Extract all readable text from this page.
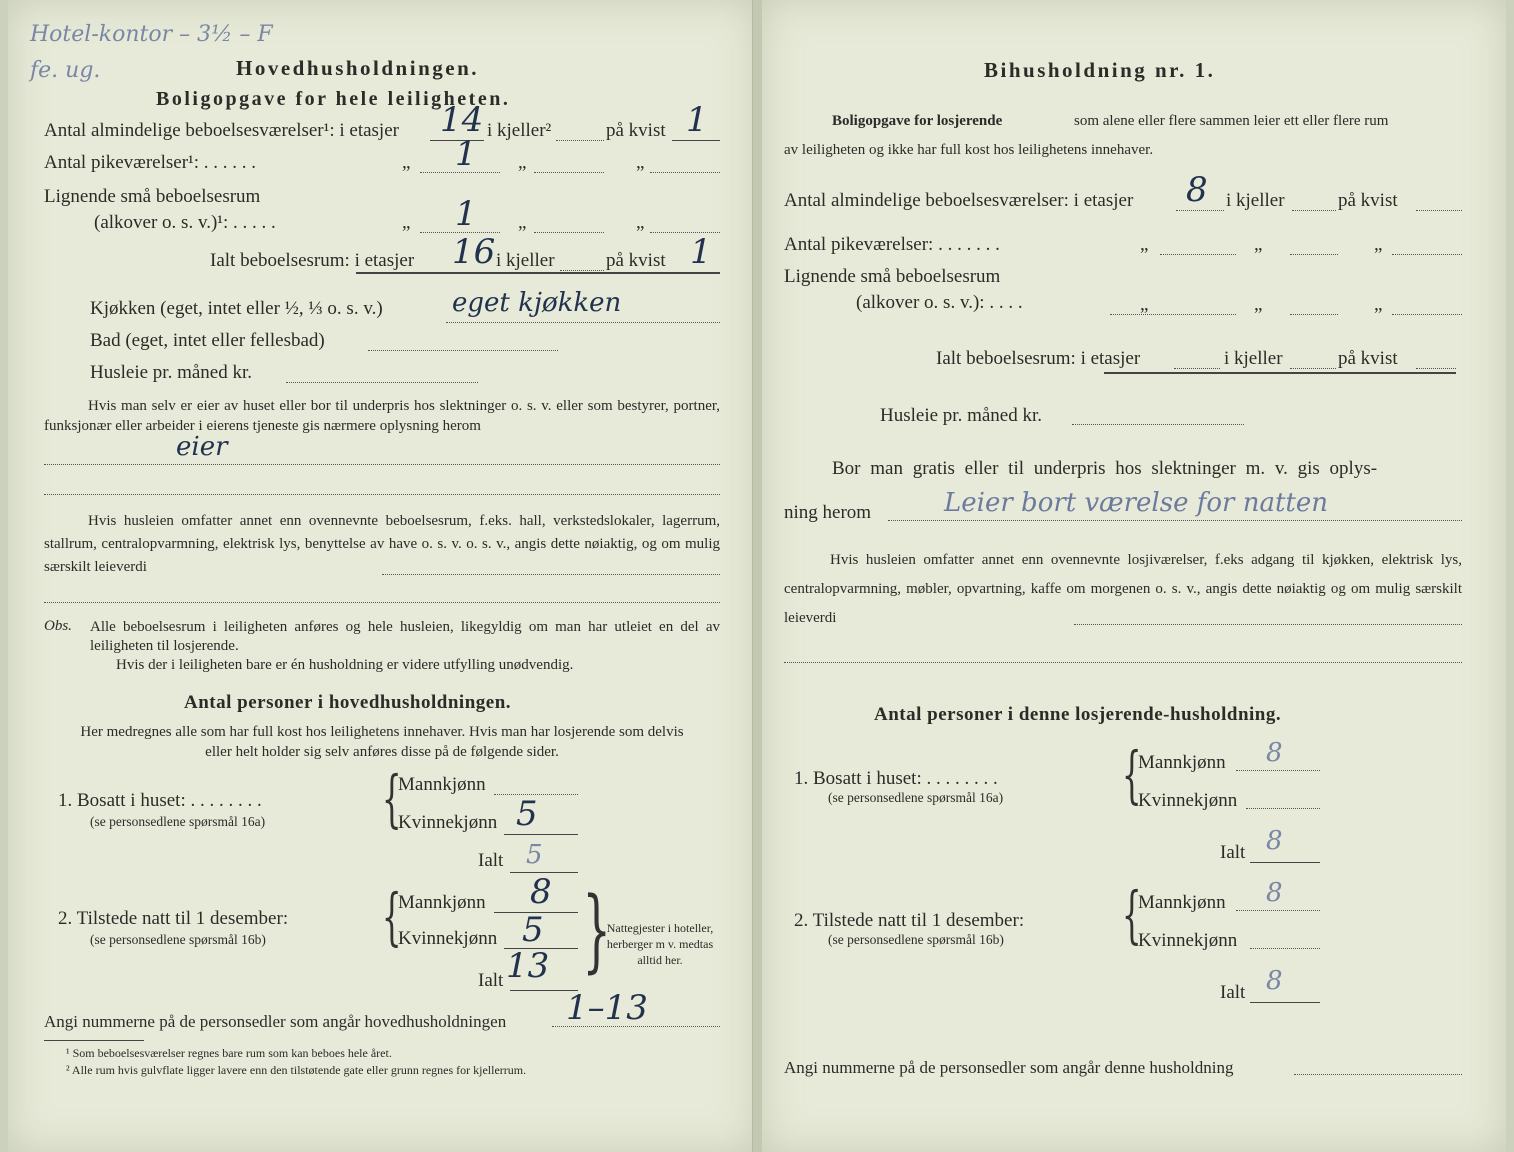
Hotel-kontor – 3½ – F
fe. ug.	Hovedhusholdningen.
Boligopgave for hele leiligheten.
Antal almindelige beboelsesværelser¹: i etasjer 14 i kjeller²	på kvist 1
Antal pikeværelser¹: . . . . . .	„ 1 „	„
Lignende små beboelsesrum
(alkover o. s. v.)¹: . . . . .	„ 1 „	„
Ialt beboelsesrum: i etasjer 16 i kjeller	på kvist 1
Kjøkken (eget, intet eller ½, ⅓ o. s. v.)	eget kjøkken
Bad (eget, intet eller fellesbad)
Husleie pr. måned kr.
Hvis man selv er eier av huset eller bor til underpris hos slektninger o. s. v. eller som bestyrer, portner, funksjonær eller arbeider i eierens tjeneste gis nærmere oplysning herom
eier
Hvis husleien omfatter annet enn ovennevnte beboelsesrum, f.eks. hall, verkstedslokaler, lagerrum, stallrum, centralopvarmning, elektrisk lys, benyttelse av have o. s. v. o. s. v., angis dette nøiaktig, og om mulig særskilt leieverdi
Obs. Alle beboelsesrum i leiligheten anføres og hele husleien, likegyldig om man har utleiet en del av leiligheten til losjerende.
Hvis der i leiligheten bare er én husholdning er videre utfylling unødvendig.
Antal personer i hovedhusholdningen.
Her medregnes alle som har full kost hos leilighetens innehaver. Hvis man har losjerende som delvis eller helt holder sig selv anføres disse på de følgende sider.
1. Bosatt i huset: . . . . . . . .
(se personsedlene spørsmål 16a) {
Mannkjønn
Kvinnekjønn 5
Ialt 5
2. Tilstede natt til 1 desember:
(se personsedlene spørsmål 16b) {
Mannkjønn 8
Kvinnekjønn 5
Ialt 13 {
Nattegjester i hoteller, herberger m v. medtas alltid her.
Angi nummerne på de personsedler som angår hovedhusholdningen 1–13
¹ Som beboelsesværelser regnes bare rum som kan beboes hele året.
² Alle rum hvis gulvflate ligger lavere enn den tilstøtende gate eller grunn regnes for kjellerrum.
Bihusholdning nr. 1.
Boligopgave for losjerende	som alene eller flere sammen leier ett eller flere rum
av leiligheten og ikke har full kost hos leilighetens innehaver.
Antal almindelige beboelsesværelser: i etasjer 8 i kjeller	på kvist
Antal pikeværelser: . . . . . . .	„	„	„
Lignende små beboelsesrum
(alkover o. s. v.): . . . .	„	„	„
Ialt beboelsesrum: i etasjer	i kjeller	på kvist
Husleie pr. måned kr.
Bor man gratis eller til underpris hos slektninger m. v. gis oplys-
ning herom	Leier bort værelse for natten
Hvis husleien omfatter annet enn ovennevnte losjiværelser, f.eks adgang til kjøkken, elektrisk lys, centralopvarmning, møbler, opvartning, kaffe om morgenen o. s. v., angis dette nøiaktig og om mulig særskilt leieverdi
Antal personer i denne losjerende-husholdning.
1. Bosatt i huset: . . . . . . . .
(se personsedlene spørsmål 16a) {
Mannkjønn 8
Kvinnekjønn
Ialt 8
2. Tilstede natt til 1 desember:
(se personsedlene spørsmål 16b) {
Mannkjønn 8
Kvinnekjønn
Ialt 8
Angi nummerne på de personsedler som angår denne husholdning
